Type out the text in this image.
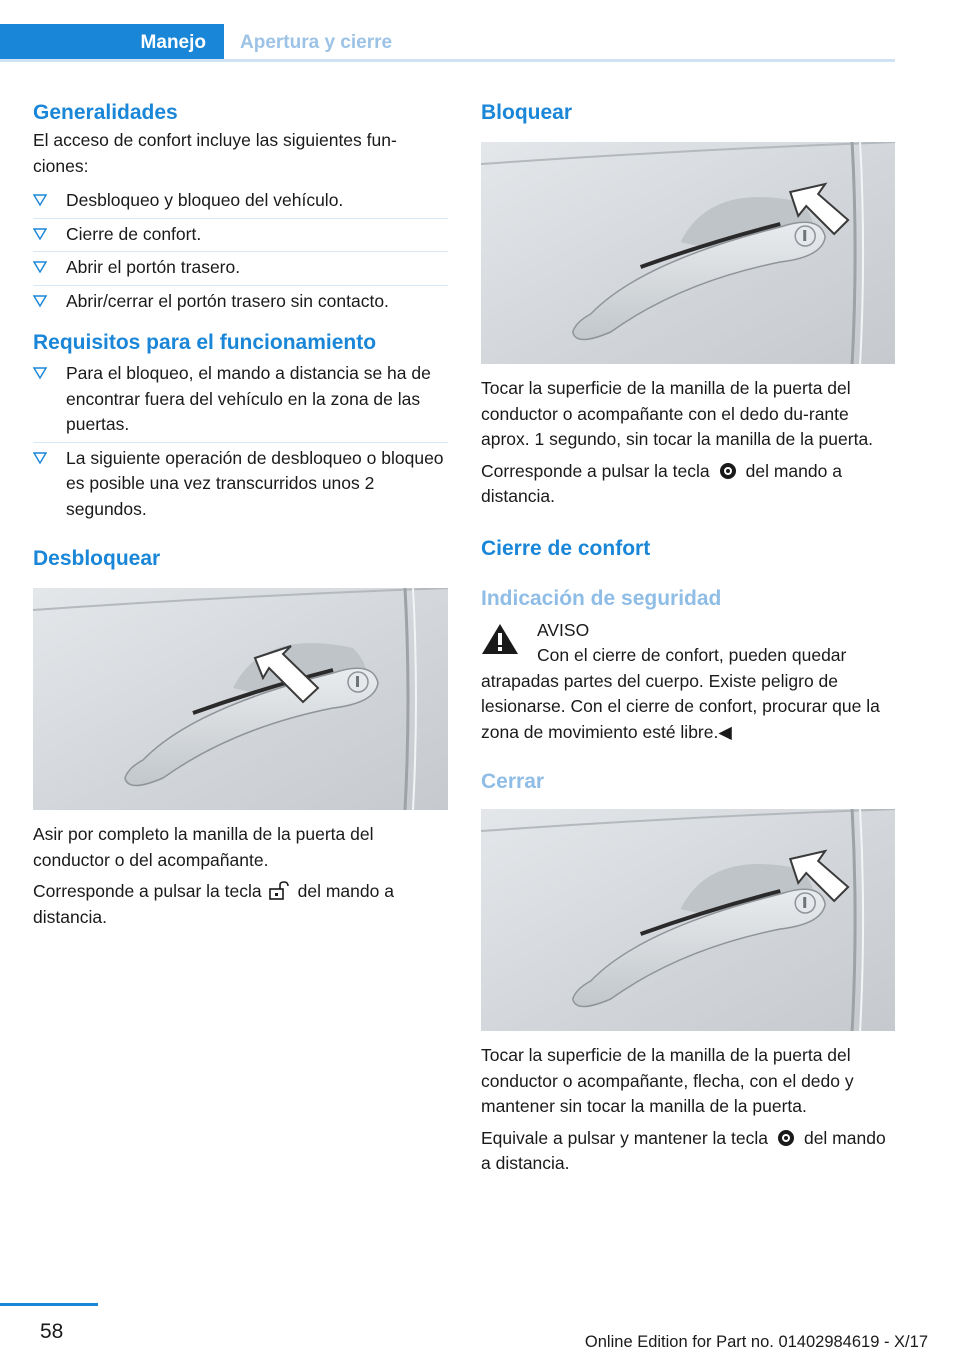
Manejo	Apertura y cierre
Generalidades

El acceso de confort incluye las siguientes fun‐ciones:

Desbloqueo y bloqueo del vehículo.
Cierre de confort.
Abrir el portón trasero.
Abrir/cerrar el portón trasero sin contacto.
Requisitos para el funcionamiento
Para el bloqueo, el mando a distancia se ha de encontrar fuera del vehículo en la zona de las puertas.
La siguiente operación de desbloqueo o bloqueo es posible una vez transcurridos unos 2 segundos.
Desbloquear

Asir por completo la manilla de la puerta del conductor o del acompañante.

Corresponde a pulsar la tecla del mando a distancia.

Bloquear

Tocar la superficie de la manilla de la puerta del conductor o acompañante con el dedo du‐rante aprox. 1 segundo, sin tocar la manilla de la puerta.

Corresponde a pulsar la tecla del mando a distancia.

Cierre de confort
Indicación de seguridad

AVISO

Con el cierre de confort, pueden quedar atrapadas partes del cuerpo. Existe peligro de lesionarse. Con el cierre de confort, procurar que la zona de movimiento esté libre.◀

Cerrar

Tocar la superficie de la manilla de la puerta del conductor o acompañante, flecha, con el dedo y mantener sin tocar la manilla de la puerta.

Equivale a pulsar y mantener la tecla del mando a distancia.

58	Online Edition for Part no. 01402984619 - X/17
